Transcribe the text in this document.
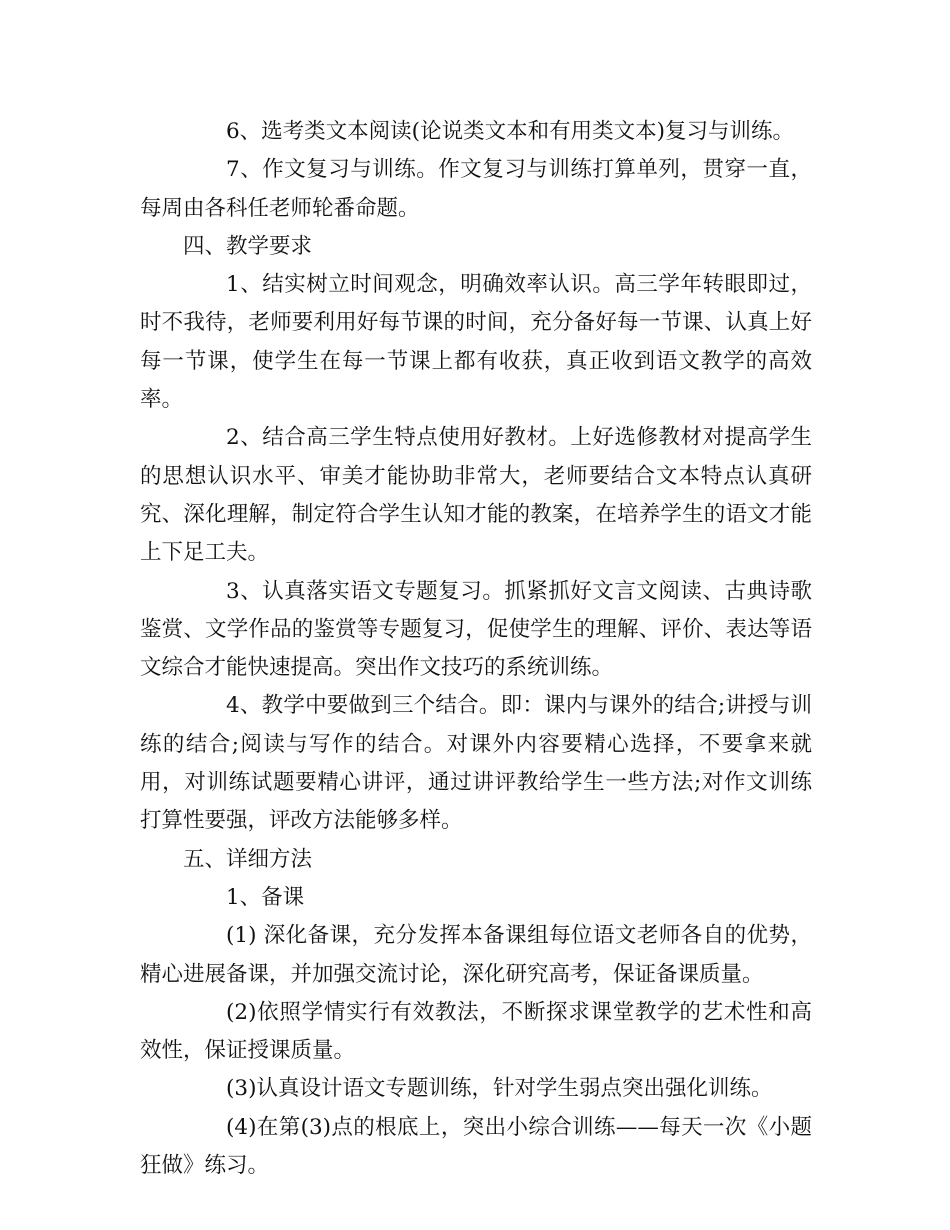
6、选考类文本阅读(论说类文本和有用类文本)复习与训练。

7、作文复习与训练。作文复习与训练打算单列，贯穿一直，每周由各科任老师轮番命题。

四、教学要求

1、结实树立时间观念，明确效率认识。高三学年转眼即过，时不我待，老师要利用好每节课的时间，充分备好每一节课、认真上好每一节课，使学生在每一节课上都有收获，真正收到语文教学的高效率。

2、结合高三学生特点使用好教材。上好选修教材对提高学生的思想认识水平、审美才能协助非常大，老师要结合文本特点认真研究、深化理解，制定符合学生认知才能的教案，在培养学生的语文才能上下足工夫。

3、认真落实语文专题复习。抓紧抓好文言文阅读、古典诗歌鉴赏、文学作品的鉴赏等专题复习，促使学生的理解、评价、表达等语文综合才能快速提高。突出作文技巧的系统训练。

4、教学中要做到三个结合。即：课内与课外的结合;讲授与训练的结合;阅读与写作的结合。对课外内容要精心选择，不要拿来就用，对训练试题要精心讲评，通过讲评教给学生一些方法;对作文训练打算性要强，评改方法能够多样。

五、详细方法

1、备课

(1) 深化备课，充分发挥本备课组每位语文老师各自的优势，精心进展备课，并加强交流讨论，深化研究高考，保证备课质量。

(2)依照学情实行有效教法，不断探求课堂教学的艺术性和高效性，保证授课质量。

(3)认真设计语文专题训练，针对学生弱点突出强化训练。

(4)在第(3)点的根底上，突出小综合训练——每天一次《小题狂做》练习。
